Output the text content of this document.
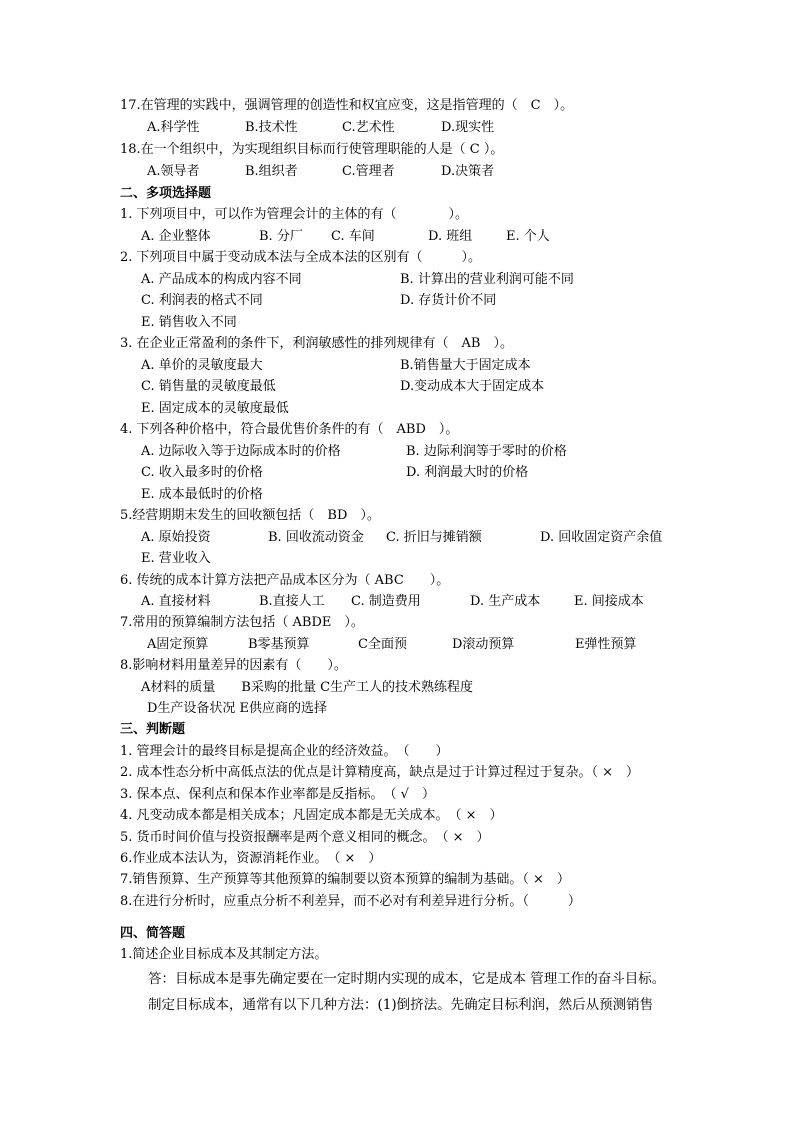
17.在管理的实践中，强调管理的创造性和权宜应变，这是指管理的（　C　）。
A.科学性	B.技术性	C.艺术性	D.现实性
18.在一个组织中，为实现组织目标而行使管理职能的人是（ C ）。
A.领导者	B.组织者	C.管理者	D.决策者
二、多项选择题
1. 下列项目中，可以作为管理会计的主体的有（　　　　）。
A. 企业整体	B. 分厂 C. 车间	D. 班组	E. 个人
2. 下列项目中属于变动成本法与全成本法的区别有（　　　）。
A. 产品成本的构成内容不同	B. 计算出的营业利润可能不同
C. 利润表的格式不同	D. 存货计价不同
E. 销售收入不同
3. 在企业正常盈利的条件下，利润敏感性的排列规律有（　AB　）。
A. 单价的灵敏度最大	B.销售量大于固定成本
C. 销售量的灵敏度最低	D.变动成本大于固定成本
E. 固定成本的灵敏度最低
4. 下列各种价格中，符合最优售价条件的有（　ABD　）。
A. 边际收入等于边际成本时的价格	B. 边际利润等于零时的价格
C. 收入最多时的价格	D. 利润最大时的价格
E. 成本最低时的价格
5.经营期期末发生的回收额包括（　BD　）。
A. 原始投资	B. 回收流动资金 C. 折旧与摊销额	D. 回收固定资产余值
E. 营业收入
6. 传统的成本计算方法把产品成本区分为（ ABC　　）。
A. 直接材料	B.直接人工 C. 制造费用	D. 生产成本	E. 间接成本
7.常用的预算编制方法包括（ ABDE　）。
A固定预算	B零基预算	C全面预	D滚动预算	E弹性预算
8.影响材料用量差异的因素有（　　）。
A材料的质量　　B采购的批量 C生产工人的技术熟练程度
D生产设备状况 E供应商的选择
三、判断题
1. 管理会计的最终目标是提高企业的经济效益。　（　　）
2. 成本性态分析中高低点法的优点是计算精度高，缺点是过于计算过程过于复杂。（ ×　）
3. 保本点、保利点和保本作业率都是反指标。　（ √　）
4. 凡变动成本都是相关成本；凡固定成本都是无关成本。　（ ×　）
5. 货币时间价值与投资报酬率是两个意义相同的概念。　（ ×　）
6.作业成本法认为，资源消耗作业。　（ ×　）
7.销售预算、生产预算等其他预算的编制要以资本预算的编制为基础。（ ×　）
8.在进行分析时，应重点分析不利差异，而不必对有利差异进行分析。（　　　）
四、简答题
1.简述企业目标成本及其制定方法。
答：目标成本是事先确定要在一定时期内实现的成本，它是成本 管理工作的奋斗目标。
制定目标成本，通常有以下几种方法：(1)倒挤法。先确定目标利润，然后从预测销售
